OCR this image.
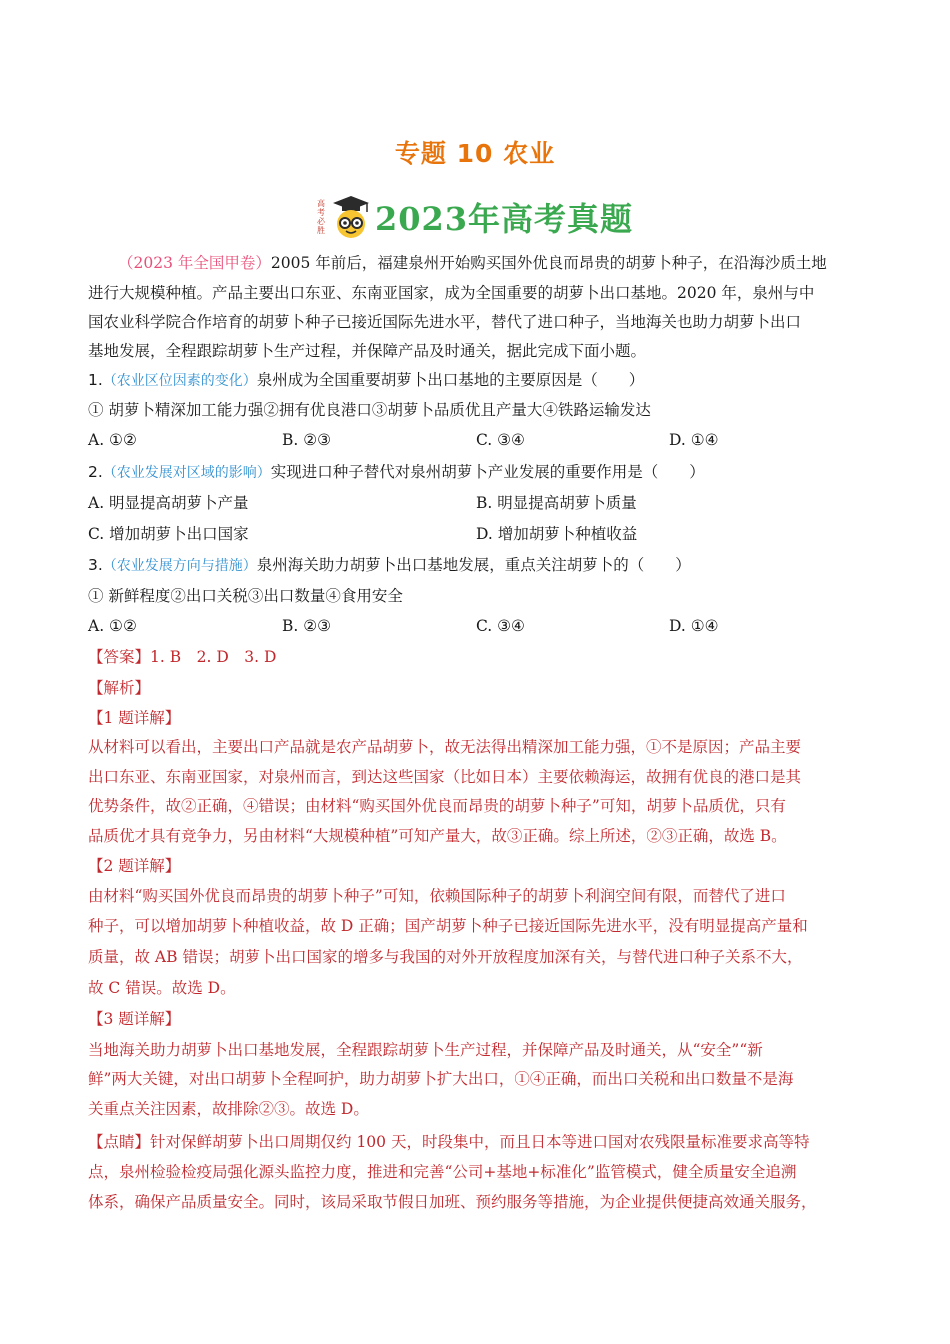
专题 10 农业
高
考
必
胜 2023年高考真题
（2023 年全国甲卷）2005 年前后，福建泉州开始购买国外优良而昂贵的胡萝卜种子，在沿海沙质土地
进行大规模种植。产品主要出口东亚、东南亚国家，成为全国重要的胡萝卜出口基地。2020 年，泉州与中
国农业科学院合作培育的胡萝卜种子已接近国际先进水平，替代了进口种子，当地海关也助力胡萝卜出口
基地发展，全程跟踪胡萝卜生产过程，并保障产品及时通关，据此完成下面小题。
1.（农业区位因素的变化）泉州成为全国重要胡萝卜出口基地的主要原因是（　　）
① 胡萝卜精深加工能力强②拥有优良港口③胡萝卜品质优且产量大④铁路运输发达
A. ①②	B. ②③	C. ③④	D. ①④
2.（农业发展对区域的影响）实现进口种子替代对泉州胡萝卜产业发展的重要作用是（　　）
A. 明显提高胡萝卜产量	B. 明显提高胡萝卜质量
C. 增加胡萝卜出口国家	D. 增加胡萝卜种植收益
3.（农业发展方向与措施）泉州海关助力胡萝卜出口基地发展，重点关注胡萝卜的（　　）
① 新鲜程度②出口关税③出口数量④食用安全
A. ①②	B. ②③	C. ③④	D. ①④
【答案】1. B　2. D　3. D
【解析】
【1 题详解】
从材料可以看出，主要出口产品就是农产品胡萝卜，故无法得出精深加工能力强，①不是原因；产品主要
出口东亚、东南亚国家，对泉州而言，到达这些国家（比如日本）主要依赖海运，故拥有优良的港口是其
优势条件，故②正确，④错误；由材料“购买国外优良而昂贵的胡萝卜种子”可知，胡萝卜品质优，只有
品质优才具有竞争力，另由材料“大规模种植”可知产量大，故③正确。综上所述，②③正确，故选 B。
【2 题详解】
由材料“购买国外优良而昂贵的胡萝卜种子”可知，依赖国际种子的胡萝卜利润空间有限，而替代了进口
种子，可以增加胡萝卜种植收益，故 D 正确；国产胡萝卜种子已接近国际先进水平，没有明显提高产量和
质量，故 AB 错误；胡萝卜出口国家的增多与我国的对外开放程度加深有关，与替代进口种子关系不大，
故 C 错误。故选 D。
【3 题详解】
当地海关助力胡萝卜出口基地发展，全程跟踪胡萝卜生产过程，并保障产品及时通关，从“安全”“新
鲜”两大关键，对出口胡萝卜全程呵护，助力胡萝卜扩大出口，①④正确，而出口关税和出口数量不是海
关重点关注因素，故排除②③。故选 D。
【点睛】针对保鲜胡萝卜出口周期仅约 100 天，时段集中，而且日本等进口国对农残限量标准要求高等特
点，泉州检验检疫局强化源头监控力度，推进和完善“公司+基地+标准化”监管模式，健全质量安全追溯
体系，确保产品质量安全。同时，该局采取节假日加班、预约服务等措施，为企业提供便捷高效通关服务，
